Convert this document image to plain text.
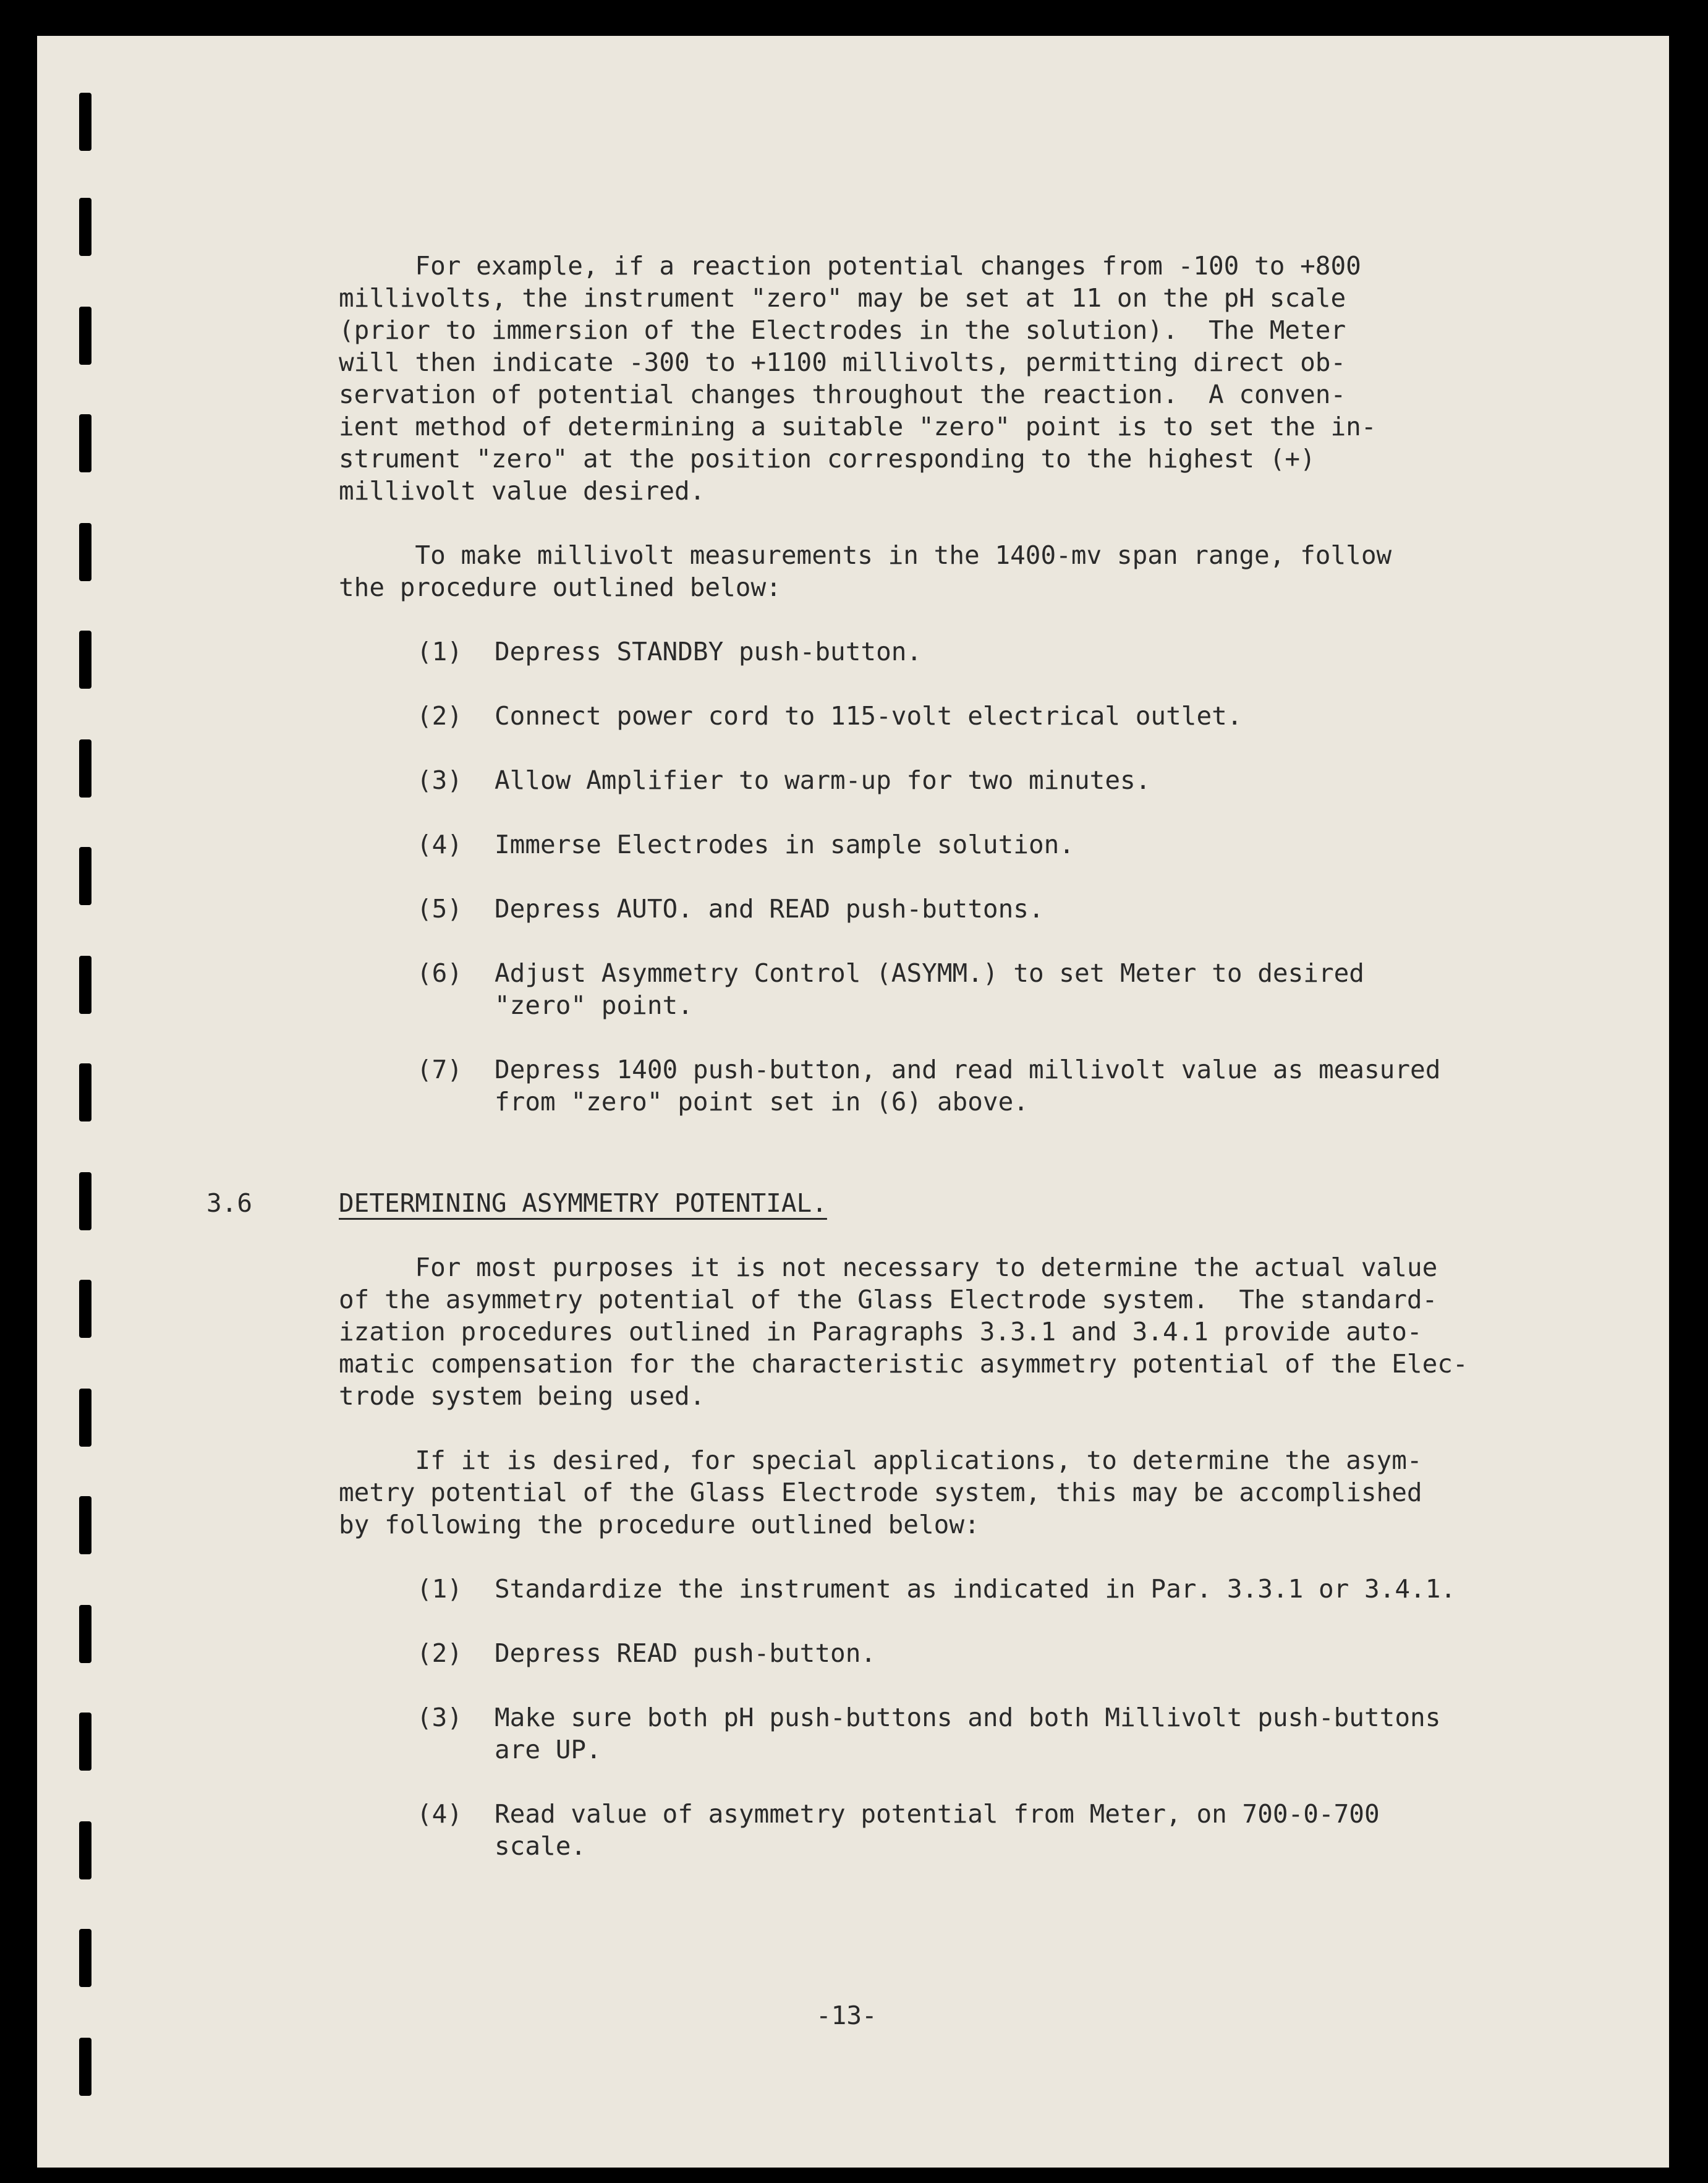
For example, if a reaction potential changes from -100 to +800
millivolts, the instrument "zero" may be set at 11 on the pH scale
(prior to immersion of the Electrodes in the solution).  The Meter
will then indicate -300 to +1100 millivolts, permitting direct ob-
servation of potential changes throughout the reaction.  A conven-
ient method of determining a suitable "zero" point is to set the in-
strument "zero" at the position corresponding to the highest (+)
millivolt value desired.

To make millivolt measurements in the 1400-mv span range, follow
the procedure outlined below:

(1)	Depress STANDBY push-button.
(2)	Connect power cord to 115-volt electrical outlet.
(3)	Allow Amplifier to warm-up for two minutes.
(4)	Immerse Electrodes in sample solution.
(5)	Depress AUTO. and READ push-buttons.
(6)	Adjust Asymmetry Control (ASYMM.) to set Meter to desired
"zero" point.
(7)	Depress 1400 push-button, and read millivolt value as measured
from "zero" point set in (6) above.
3.6	DETERMINING ASYMMETRY POTENTIAL.

For most purposes it is not necessary to determine the actual value
of the asymmetry potential of the Glass Electrode system.  The standard-
ization procedures outlined in Paragraphs 3.3.1 and 3.4.1 provide auto-
matic compensation for the characteristic asymmetry potential of the Elec-
trode system being used.

If it is desired, for special applications, to determine the asym-
metry potential of the Glass Electrode system, this may be accomplished
by following the procedure outlined below:

(1)	Standardize the instrument as indicated in Par. 3.3.1 or 3.4.1.
(2)	Depress READ push-button.
(3)	Make sure both pH push-buttons and both Millivolt push-buttons
are UP.
(4)	Read value of asymmetry potential from Meter, on 700-0-700
scale.
-13-
